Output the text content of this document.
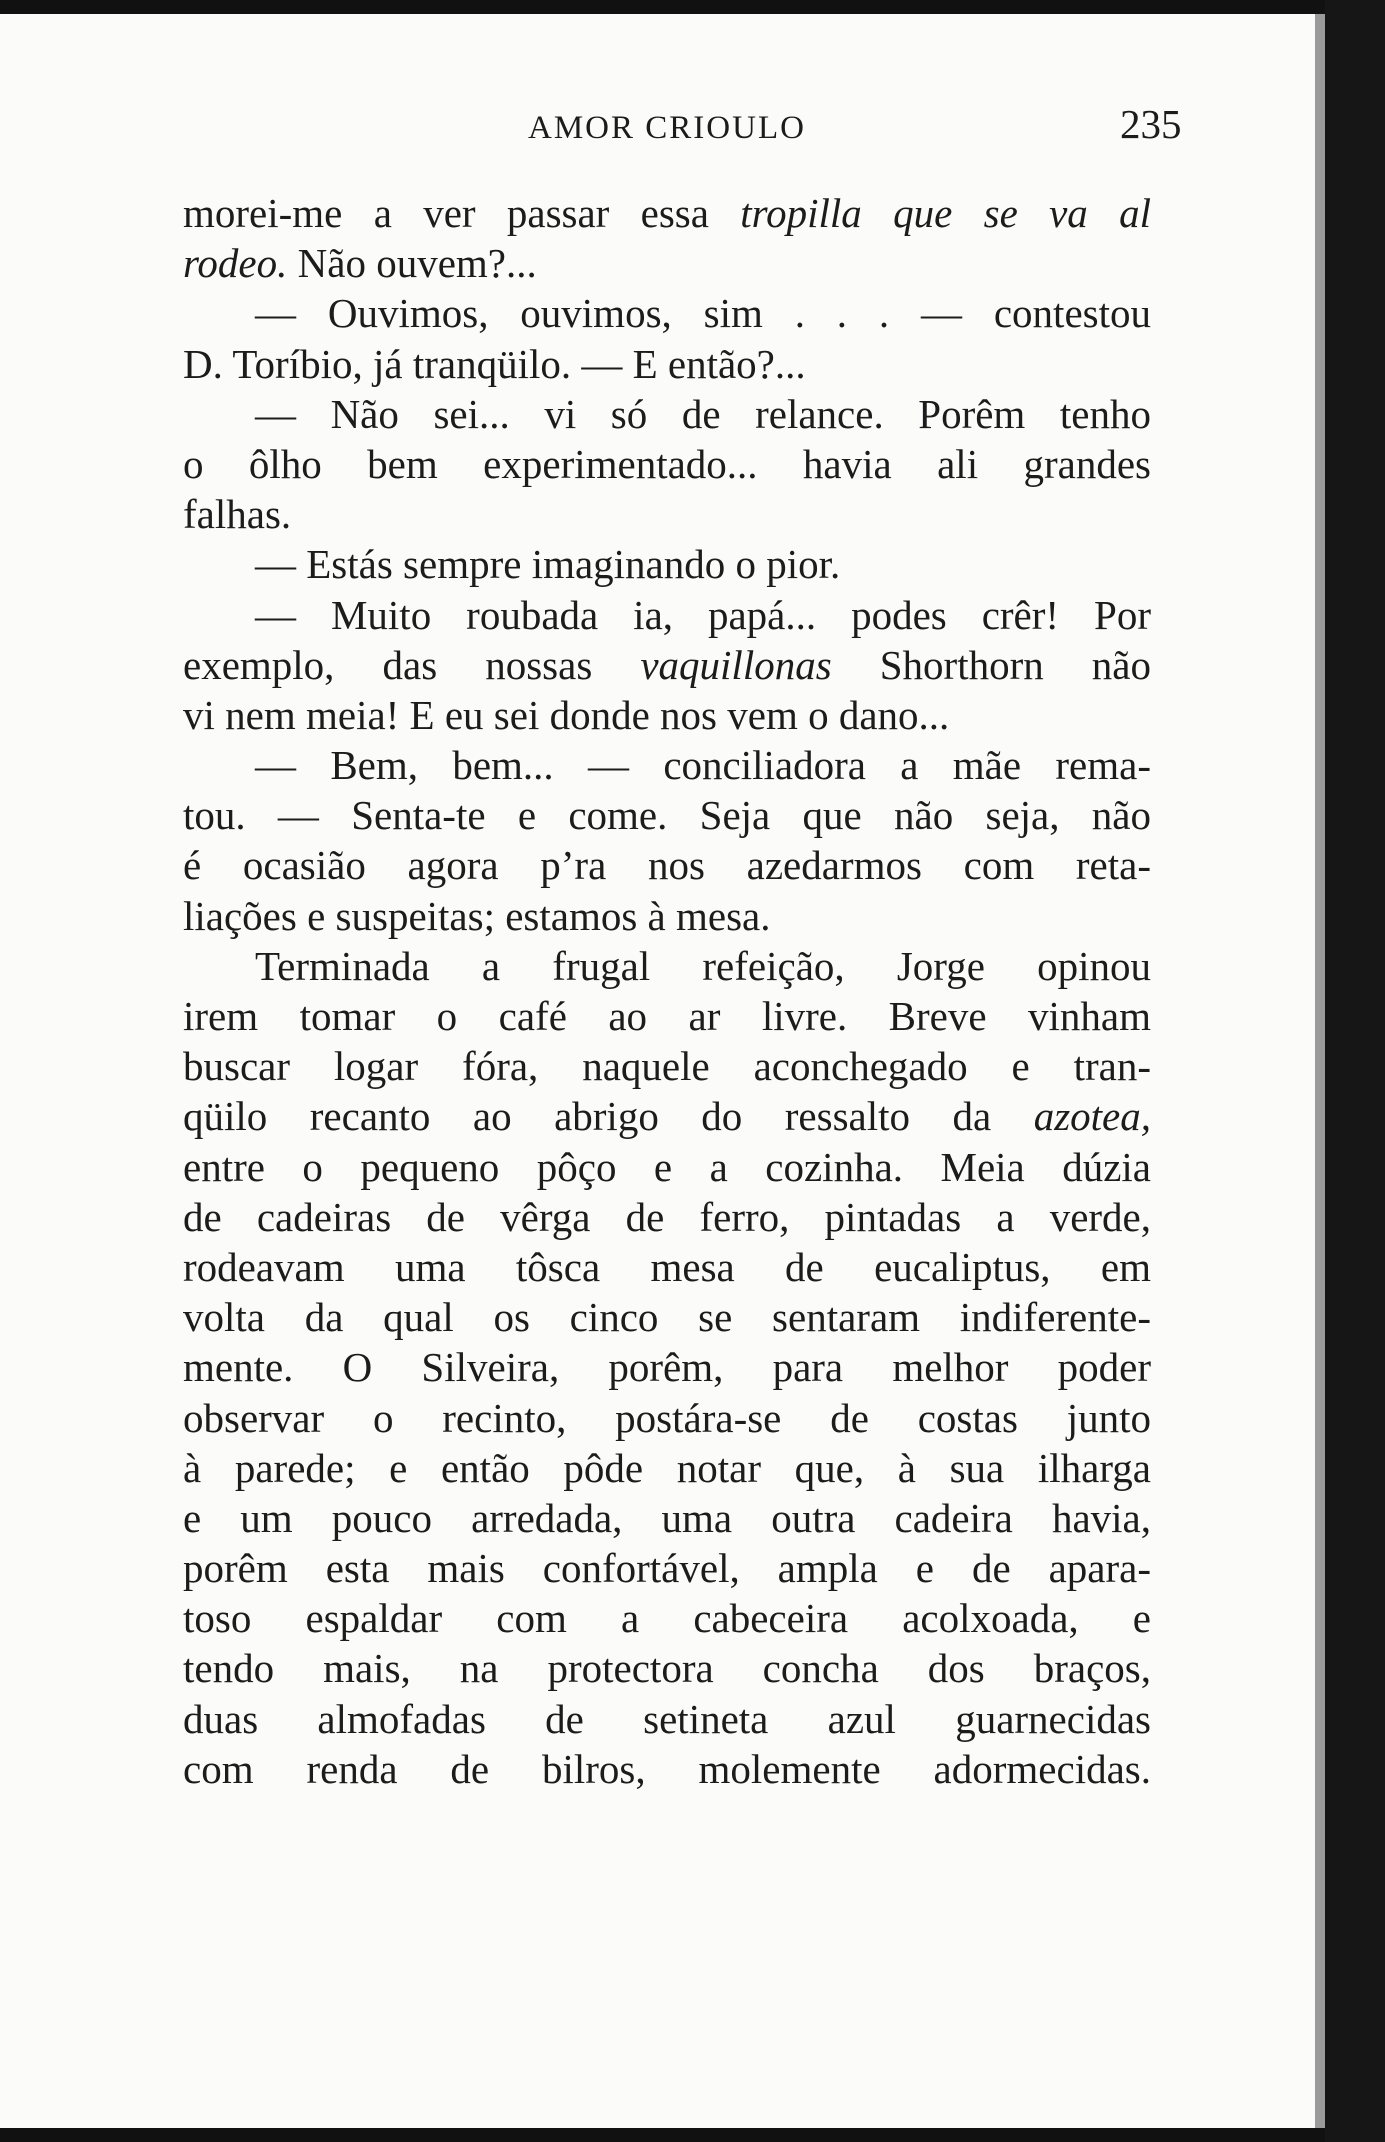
AMOR CRIOULO	235
morei-me a ver passar essa tropilla que se va al
rodeo. Não ouvem?...
— Ouvimos, ouvimos, sim . . . — contestou
D. Toríbio, já tranqüilo. — E então?...
— Não sei... vi só de relance. Porêm tenho
o ôlho bem experimentado... havia ali grandes
falhas.
— Estás sempre imaginando o pior.
— Muito roubada ia, papá... podes crêr! Por
exemplo, das nossas vaquillonas Shorthorn não
vi nem meia! E eu sei donde nos vem o dano...
— Bem, bem... — conciliadora a mãe rema-
tou. — Senta-te e come. Seja que não seja, não
é ocasião agora p’ra nos azedarmos com reta-
liações e suspeitas; estamos à mesa.
Terminada a frugal refeição, Jorge opinou
irem tomar o café ao ar livre. Breve vinham
buscar logar fóra, naquele aconchegado e tran-
qüilo recanto ao abrigo do ressalto da azotea,
entre o pequeno pôço e a cozinha. Meia dúzia
de cadeiras de vêrga de ferro, pintadas a verde,
rodeavam uma tôsca mesa de eucaliptus, em
volta da qual os cinco se sentaram indiferente-
mente. O Silveira, porêm, para melhor poder
observar o recinto, postára-se de costas junto
à parede; e então pôde notar que, à sua ilharga
e um pouco arredada, uma outra cadeira havia,
porêm esta mais confortável, ampla e de apara-
toso espaldar com a cabeceira acolxoada, e
tendo mais, na protectora concha dos braços,
duas almofadas de setineta azul guarnecidas
com renda de bilros, molemente adormecidas.
